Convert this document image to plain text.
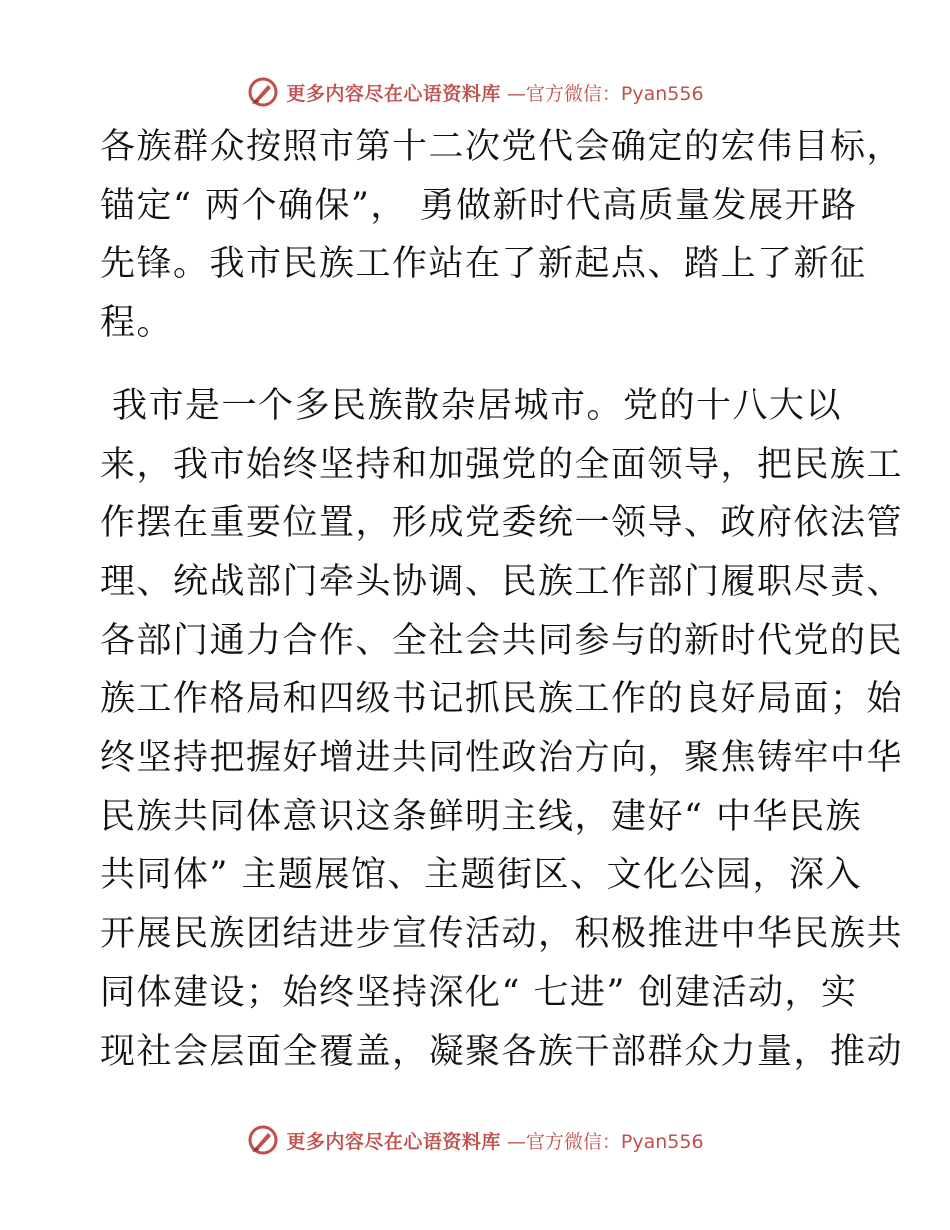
更多内容尽在心语资料库 —官方微信：Pyan556
各族群众按照市第十二次党代会确定的宏伟目标，
锚定“ 两个确保”， 勇做新时代高质量发展开路
先锋。我市民族工作站在了新起点、踏上了新征
程。
我市是一个多民族散杂居城市。党的十八大以
来，我市始终坚持和加强党的全面领导，把民族工
作摆在重要位置，形成党委统一领导、政府依法管
理、统战部门牵头协调、民族工作部门履职尽责、
各部门通力合作、全社会共同参与的新时代党的民
族工作格局和四级书记抓民族工作的良好局面；始
终坚持把握好增进共同性政治方向，聚焦铸牢中华
民族共同体意识这条鲜明主线，建好“ 中华民族
共同体” 主题展馆、主题街区、文化公园，深入
开展民族团结进步宣传活动，积极推进中华民族共
同体建设；始终坚持深化“ 七进” 创建活动，实
现社会层面全覆盖，凝聚各族干部群众力量，推动
更多内容尽在心语资料库 —官方微信：Pyan556
